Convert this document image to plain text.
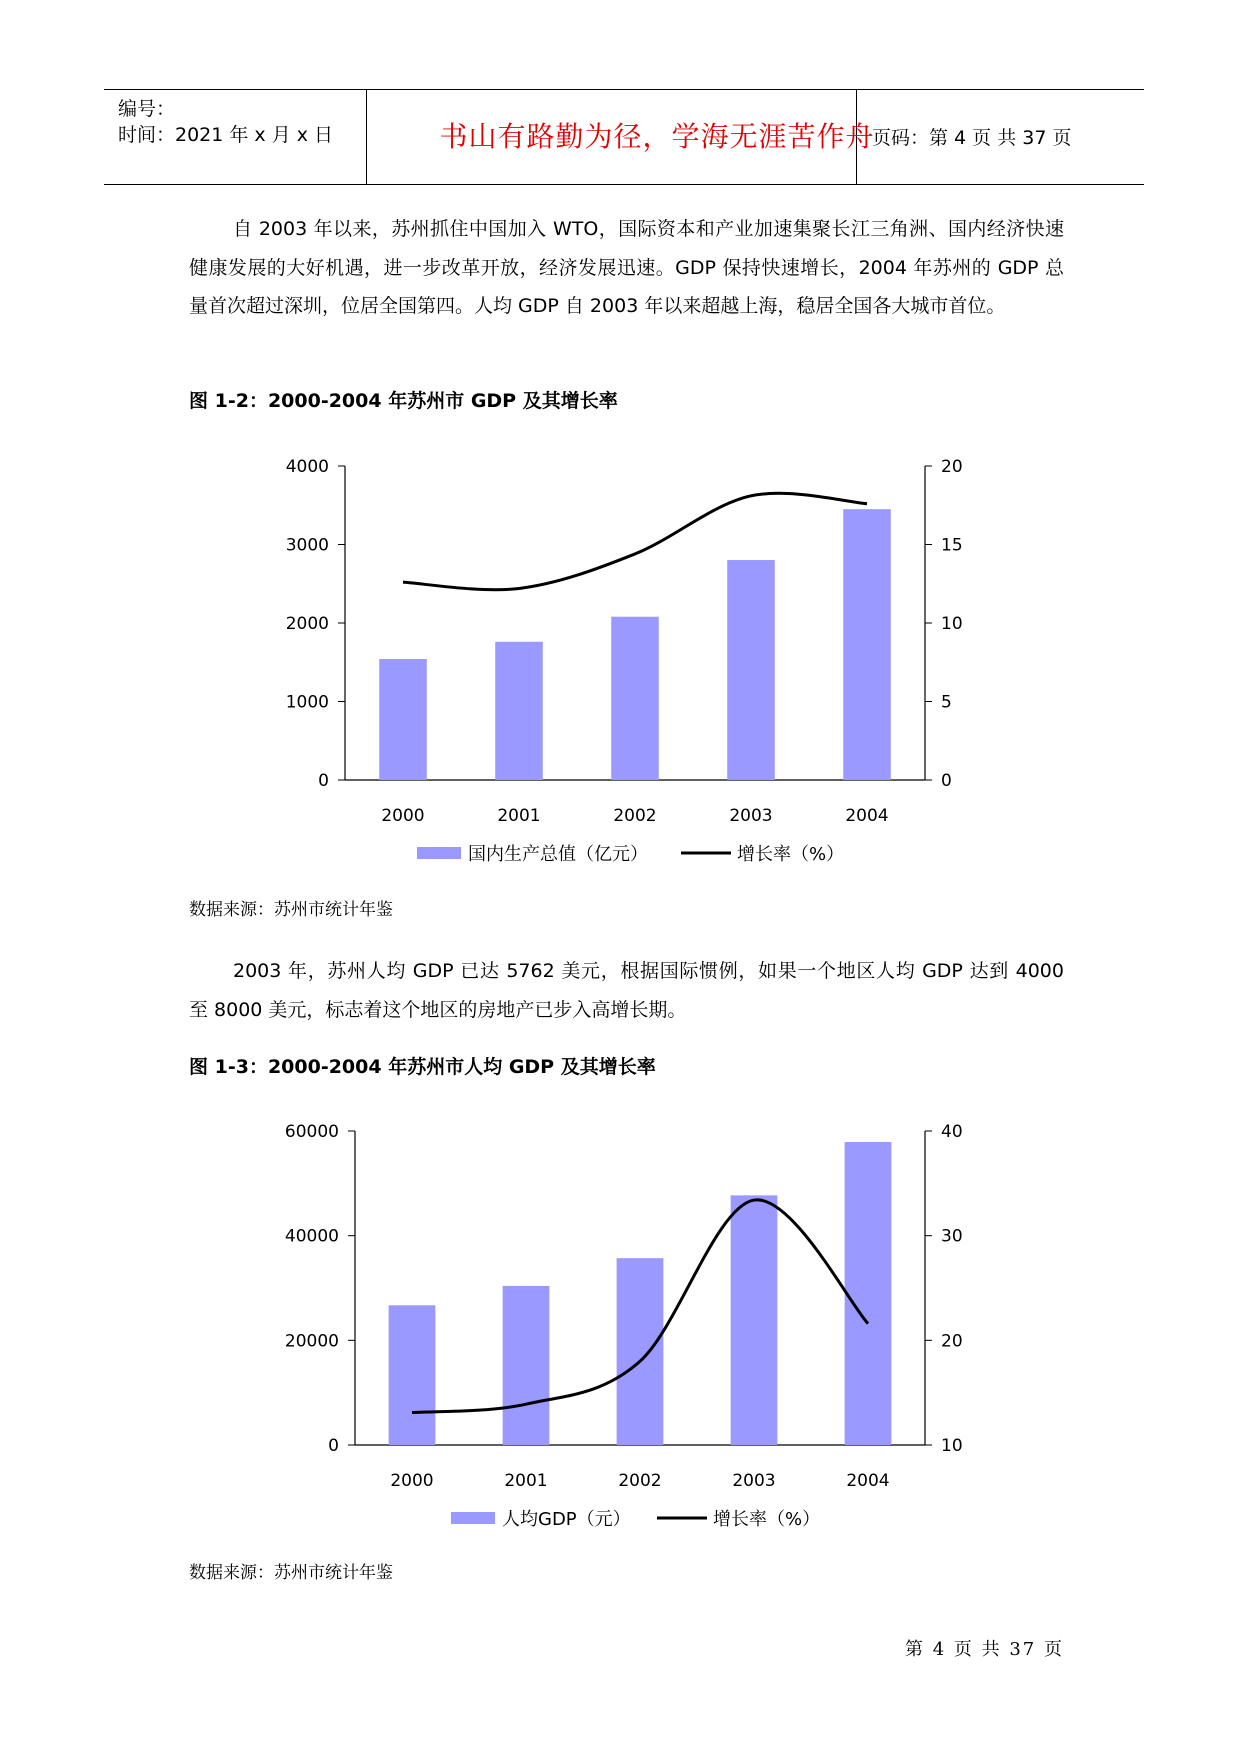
编号：
时间：2021 年 x 月 x 日	书山有路勤为径，学海无涯苦作舟
页码：第 4 页 共 37 页
自 2003 年以来，苏州抓住中国加入 WTO，国际资本和产业加速集聚长江三角洲、国内经济快速健康发展的大好机遇，进一步改革开放，经济发展迅速。GDP 保持快速增长，2004 年苏州的 GDP 总量首次超过深圳，位居全国第四。人均 GDP 自 2003 年以来超越上海，稳居全国各大城市首位。
图 1-2：2000-2004 年苏州市 GDP 及其增长率
0
1000
2000
3000
4000
0
5
10
15
20
2000	2001	2002	2003	2004
国内生产总值（亿元）	增长率（%）
数据来源：苏州市统计年鉴
2003 年，苏州人均 GDP 已达 5762 美元，根据国际惯例，如果一个地区人均 GDP 达到 4000 至 8000 美元，标志着这个地区的房地产已步入高增长期。
图 1-3：2000-2004 年苏州市人均 GDP 及其增长率
0
20000
40000
60000
10
20
30
40
2000	2001	2002	2003	2004
人均GDP（元）	增长率（%）
数据来源：苏州市统计年鉴
第 4 页 共 37 页
